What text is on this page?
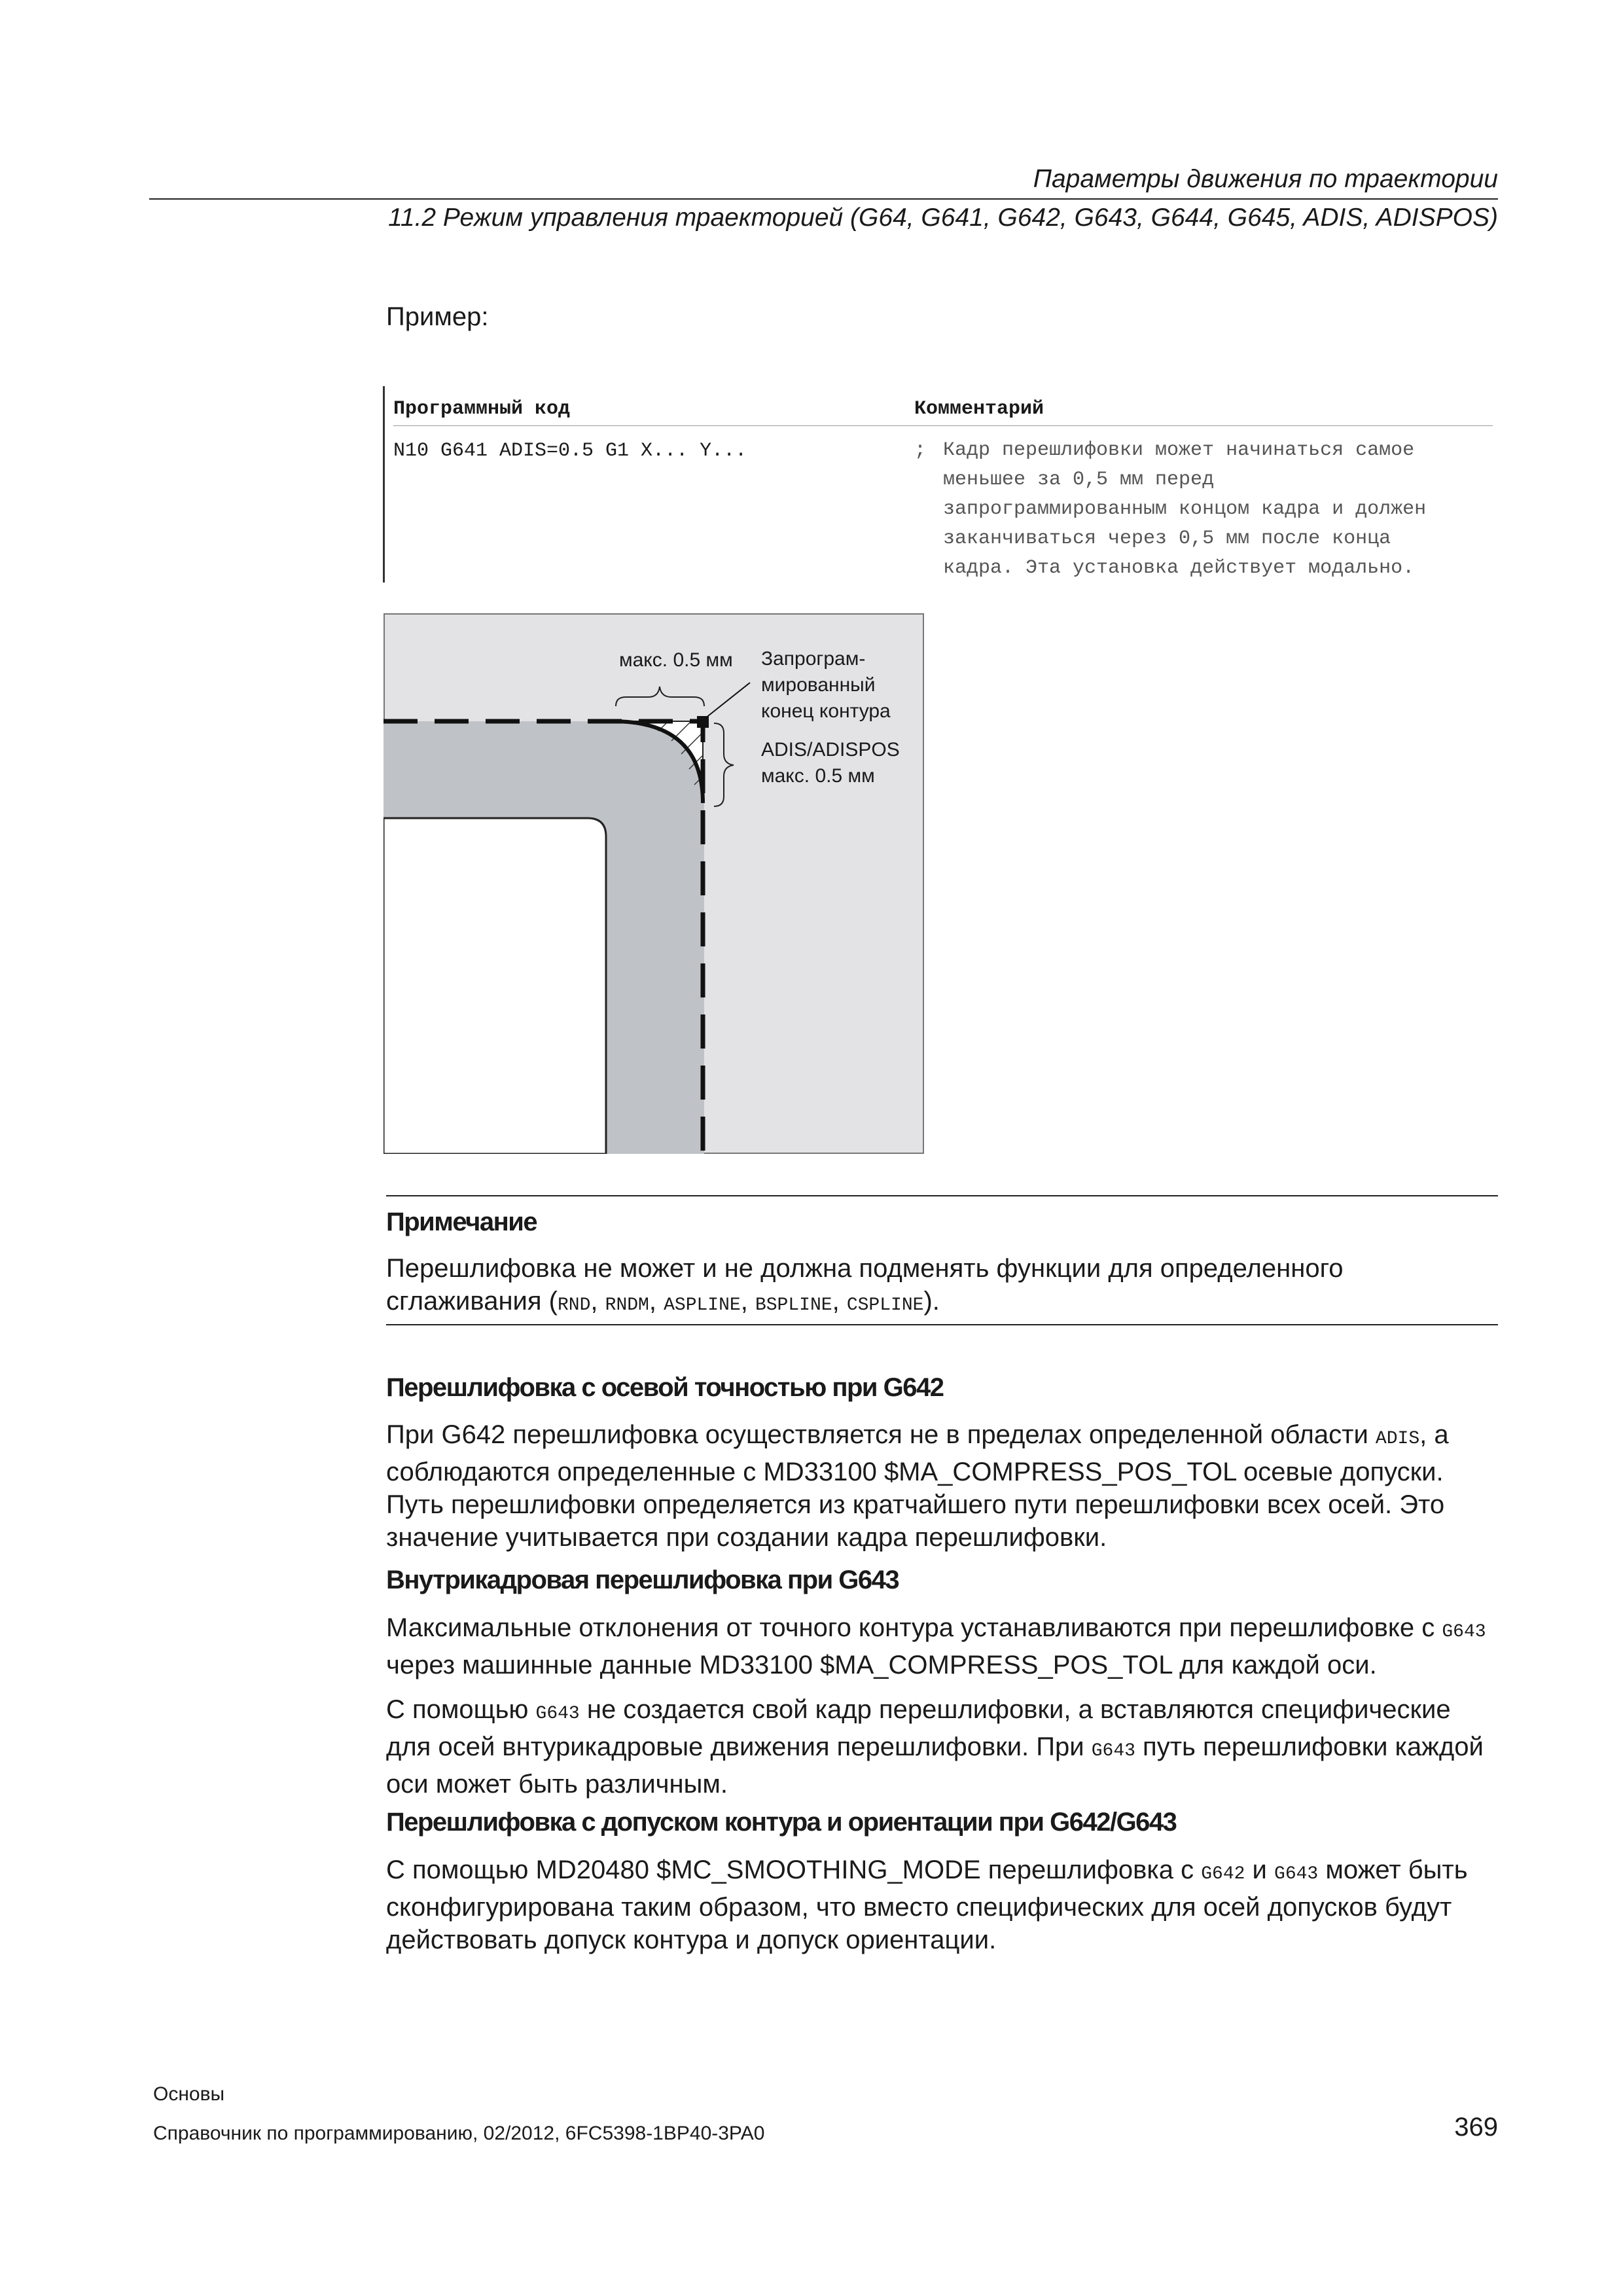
Параметры движения по траектории
11.2 Режим управления траекторией (G64, G641, G642, G643, G644, G645, ADIS, ADISPOS)
Пример:
Программный код	Комментарий
N10 G641 ADIS=0.5 G1 X... Y...	; Кадр перешлифовки может начинаться самое
меньшее за 0,5 мм перед
запрограммированным концом кадра и должен
заканчиваться через 0,5 мм после конца
кадра. Эта установка действует модально.
макс. 0.5 мм Запрограм-
мированный
конец контура
ADIS/ADISPOS
макс. 0.5 мм
Примечание
Перешлифовка не может и не должна подменять функции для определенного
сглаживания (RND, RNDM, ASPLINE, BSPLINE, CSPLINE).
Перешлифовка с осевой точностью при G642
При G642 перешлифовка осуществляется не в пределах определенной области ADIS, а соблюдаются определенные с MD33100 $MA_COMPRESS_POS_TOL осевые допуски. Путь перешлифовки определяется из кратчайшего пути перешлифовки всех осей. Это значение учитывается при создании кадра перешлифовки.
Внутрикадровая перешлифовка при G643
Максимальные отклонения от точного контура устанавливаются при перешлифовке с G643 через машинные данные MD33100 $MA_COMPRESS_POS_TOL для каждой оси.
С помощью G643 не создается свой кадр перешлифовки, а вставляются специфические для осей внтурикадровые движения перешлифовки. При G643 путь перешлифовки каждой оси может быть различным.
Перешлифовка с допуском контура и ориентации при G642/G643
С помощью MD20480 $MC_SMOOTHING_MODE перешлифовка с G642 и G643 может быть сконфигурирована таким образом, что вместо специфических для осей допусков будут действовать допуск контура и допуск ориентации.
Основы
Справочник по программированию, 02/2012, 6FC5398-1BP40-3PA0	369
